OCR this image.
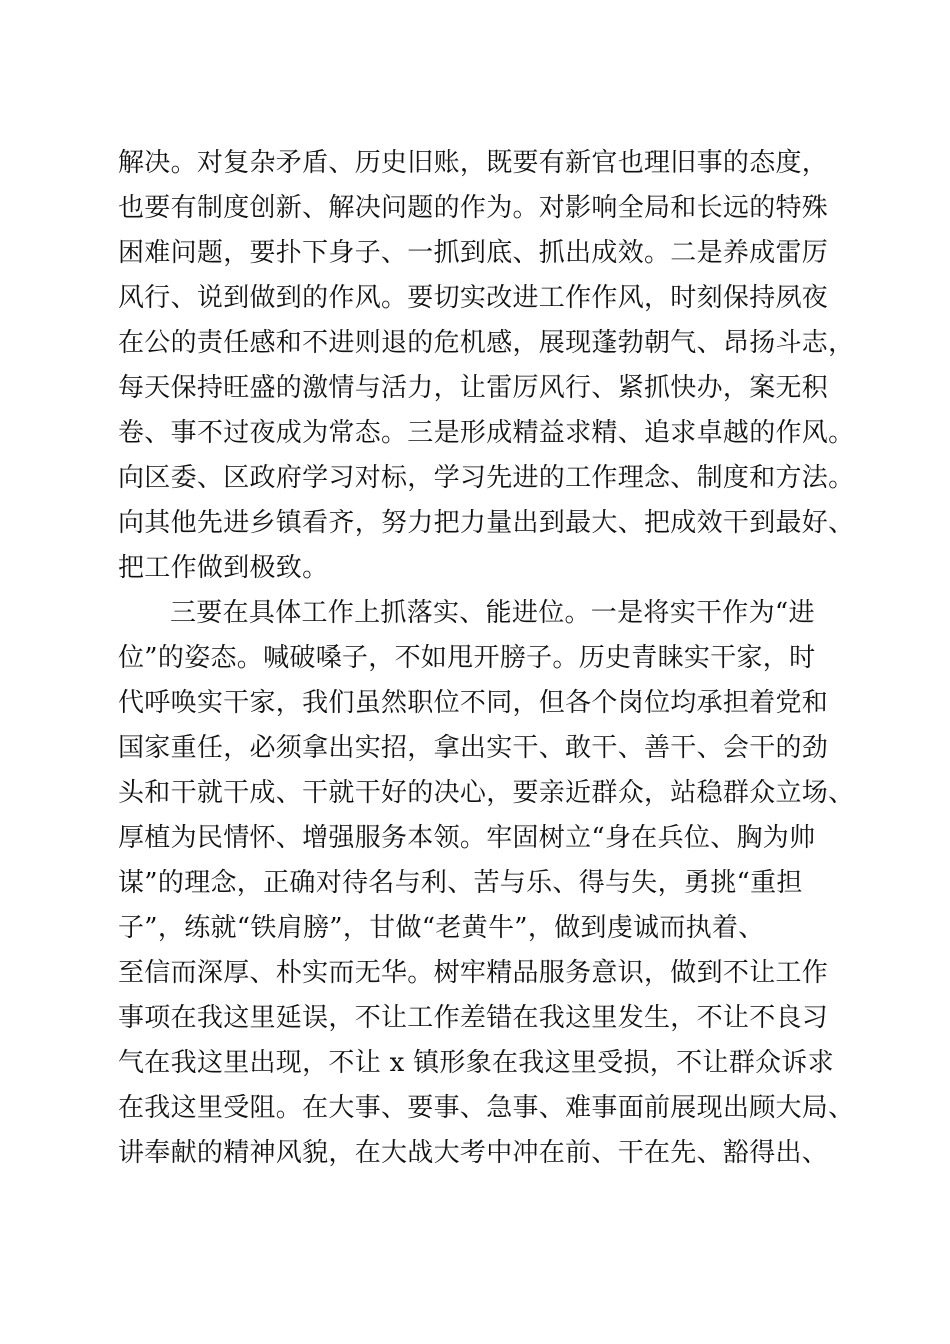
解决。对复杂矛盾、历史旧账，既要有新官也理旧事的态度，
也要有制度创新、解决问题的作为。对影响全局和长远的特殊
困难问题，要扑下身子、一抓到底、抓出成效。二是养成雷厉
风行、说到做到的作风。要切实改进工作作风，时刻保持夙夜
在公的责任感和不进则退的危机感，展现蓬勃朝气、昂扬斗志，
每天保持旺盛的激情与活力，让雷厉风行、紧抓快办，案无积
卷、事不过夜成为常态。三是形成精益求精、追求卓越的作风。
向区委、区政府学习对标，学习先进的工作理念、制度和方法。
向其他先进乡镇看齐，努力把力量出到最大、把成效干到最好、
把工作做到极致。
三要在具体工作上抓落实、能进位。一是将实干作为“进
位”的姿态。喊破嗓子，不如甩开膀子。历史青睐实干家，时
代呼唤实干家，我们虽然职位不同，但各个岗位均承担着党和
国家重任，必须拿出实招，拿出实干、敢干、善干、会干的劲
头和干就干成、干就干好的决心，要亲近群众，站稳群众立场、
厚植为民情怀、增强服务本领。牢固树立“身在兵位、胸为帅
谋”的理念，正确对待名与利、苦与乐、得与失，勇挑“重担
子”，练就“铁肩膀”，甘做“老黄牛”，做到虔诚而执着、
至信而深厚、朴实而无华。树牢精品服务意识，做到不让工作
事项在我这里延误，不让工作差错在我这里发生，不让不良习
气在我这里出现，不让 x 镇形象在我这里受损，不让群众诉求
在我这里受阻。在大事、要事、急事、难事面前展现出顾大局、
讲奉献的精神风貌，在大战大考中冲在前、干在先、豁得出、
